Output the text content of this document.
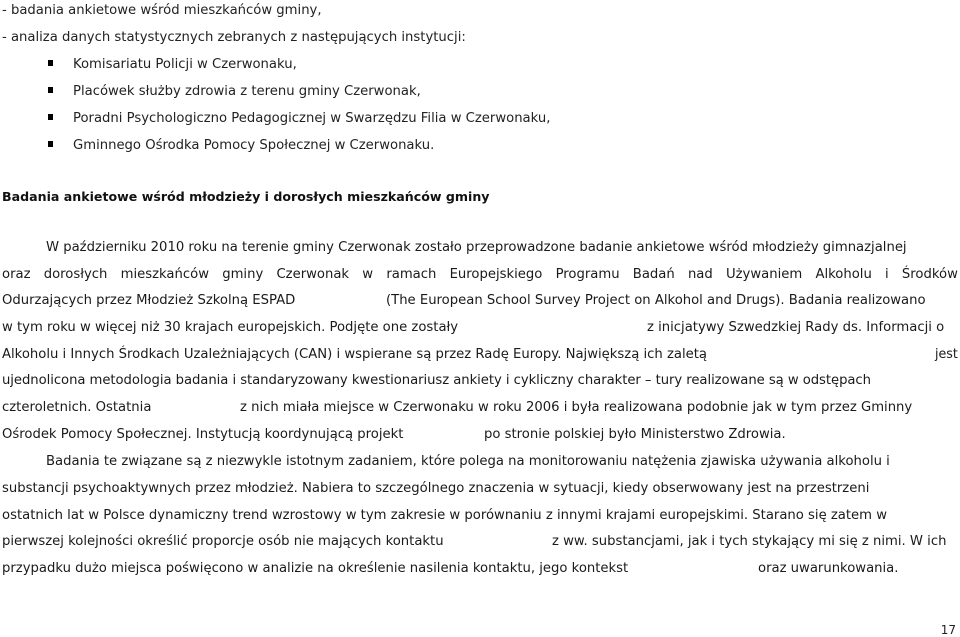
- badania ankietowe wśród mieszkańców gminy,
- analiza danych statystycznych zebranych z następujących instytucji:
Komisariatu Policji w Czerwonaku,
Placówek służby zdrowia z terenu gminy Czerwonak,
Poradni Psychologiczno Pedagogicznej w Swarzędzu Filia w Czerwonaku,
Gminnego Ośrodka Pomocy Społecznej w Czerwonaku.
Badania ankietowe wśród młodzieży i dorosłych mieszkańców gminy
W październiku 2010 roku na terenie gminy Czerwonak zostało przeprowadzone badanie ankietowe wśród młodzieży gimnazjalnej
oraz dorosłych mieszkańców gminy Czerwonak w ramach Europejskiego Programu Badań nad Używaniem Alkoholu i Środków
Odurzających przez Młodzież Szkolną ESPAD	(The European School Survey Project on Alkohol and Drugs). Badania realizowano
w tym roku w więcej niż 30 krajach europejskich. Podjęte one zostały	z inicjatywy Szwedzkiej Rady ds. Informacji o
Alkoholu i Innych Środkach Uzależniających (CAN) i wspierane są przez Radę Europy. Największą ich zaletą	jest
ujednolicona metodologia badania i standaryzowany kwestionariusz ankiety i cykliczny charakter – tury realizowane są w odstępach
czteroletnich. Ostatnia	z nich miała miejsce w Czerwonaku w roku 2006 i była realizowana podobnie jak w tym przez Gminny
Ośrodek Pomocy Społecznej. Instytucją koordynującą projekt	po stronie polskiej było Ministerstwo Zdrowia.
Badania te związane są z niezwykle istotnym zadaniem, które polega na monitorowaniu natężenia zjawiska używania alkoholu i
substancji psychoaktywnych przez młodzież. Nabiera to szczególnego znaczenia w sytuacji, kiedy obserwowany jest na przestrzeni
ostatnich lat w Polsce dynamiczny trend wzrostowy w tym zakresie w porównaniu z innymi krajami europejskimi. Starano się zatem w
pierwszej kolejności określić proporcje osób nie mających kontaktu	z ww. substancjami, jak i tych stykający mi się z nimi. W ich
przypadku dużo miejsca poświęcono w analizie na określenie nasilenia kontaktu, jego kontekst	oraz uwarunkowania.
17
